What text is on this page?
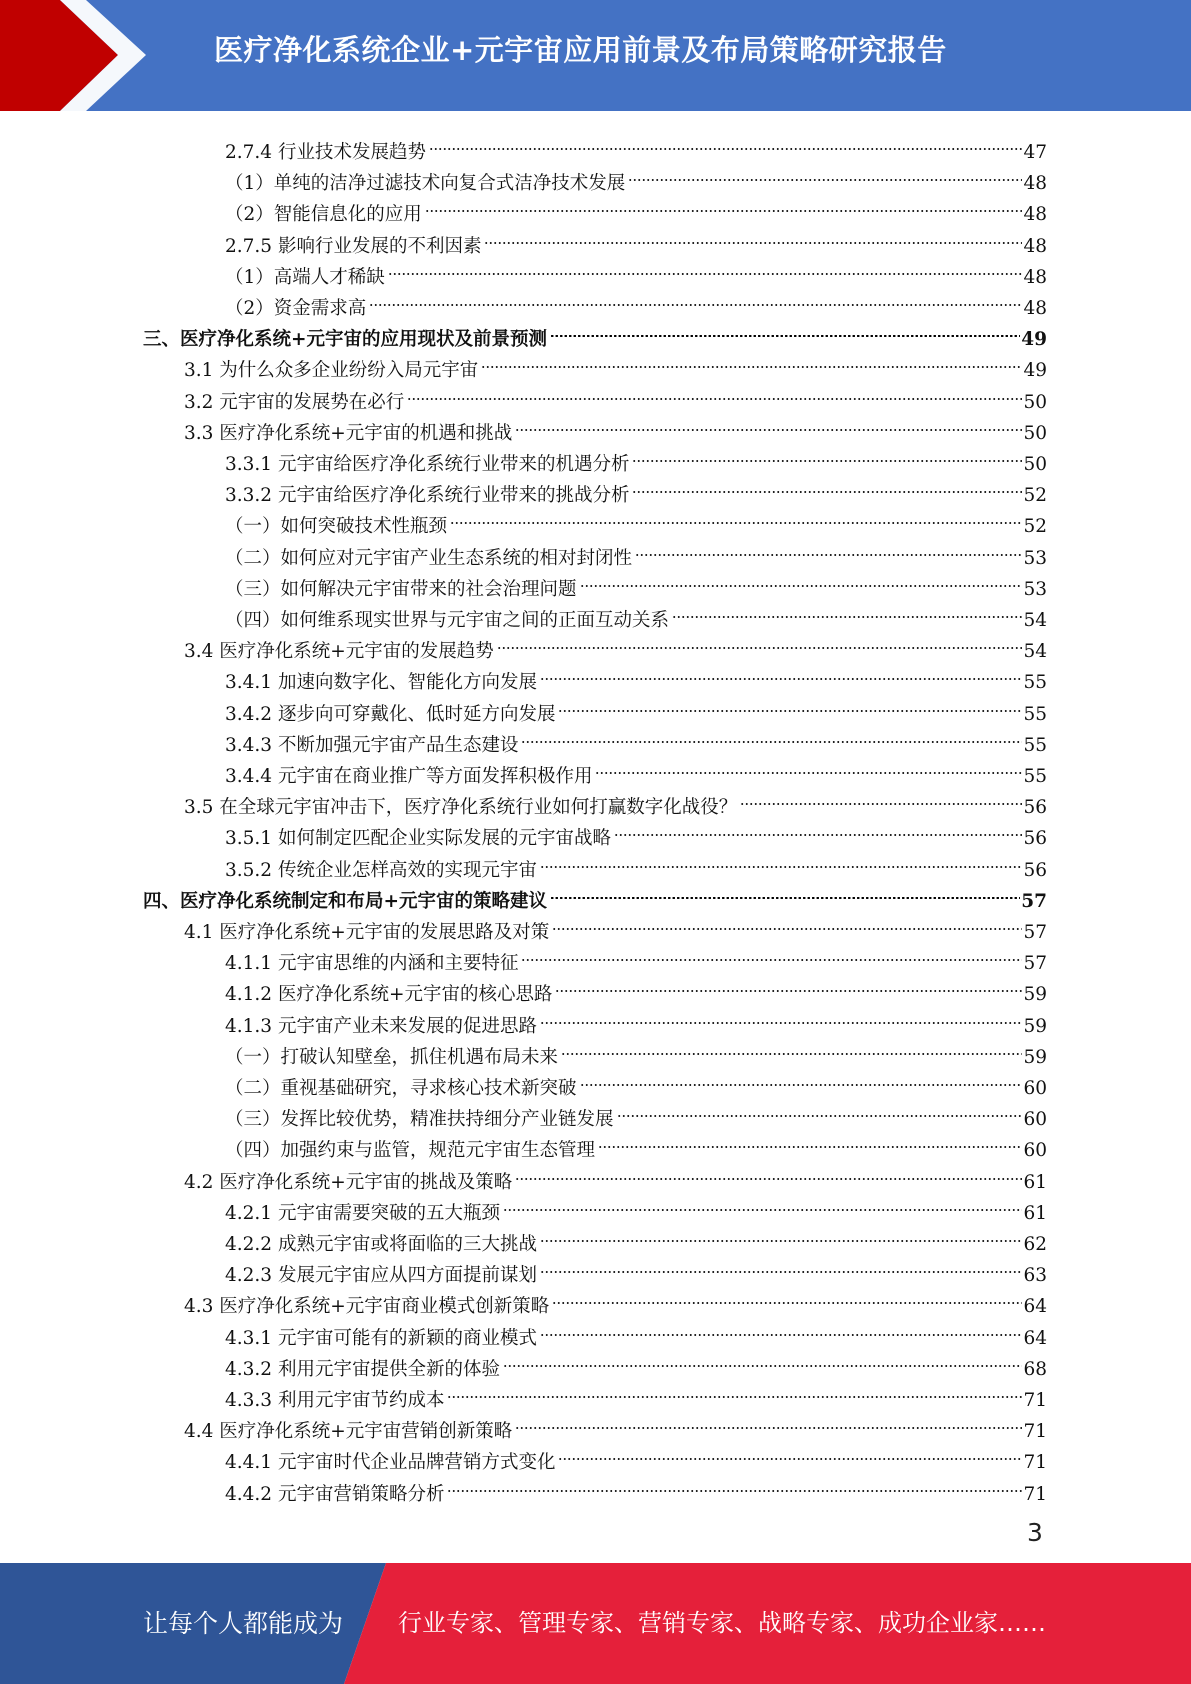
医疗净化系统企业+元宇宙应用前景及布局策略研究报告
2.7.4 行业技术发展趋势	47
（1）单纯的洁净过滤技术向复合式洁净技术发展	48
（2）智能信息化的应用	48
2.7.5 影响行业发展的不利因素	48
（1）高端人才稀缺	48
（2）资金需求高	48
三、医疗净化系统+元宇宙的应用现状及前景预测	49
3.1 为什么众多企业纷纷入局元宇宙	49
3.2 元宇宙的发展势在必行	50
3.3 医疗净化系统+元宇宙的机遇和挑战	50
3.3.1 元宇宙给医疗净化系统行业带来的机遇分析	50
3.3.2 元宇宙给医疗净化系统行业带来的挑战分析	52
（一）如何突破技术性瓶颈	52
（二）如何应对元宇宙产业生态系统的相对封闭性	53
（三）如何解决元宇宙带来的社会治理问题	53
（四）如何维系现实世界与元宇宙之间的正面互动关系	54
3.4 医疗净化系统+元宇宙的发展趋势	54
3.4.1 加速向数字化、智能化方向发展	55
3.4.2 逐步向可穿戴化、低时延方向发展	55
3.4.3 不断加强元宇宙产品生态建设	55
3.4.4 元宇宙在商业推广等方面发挥积极作用	55
3.5 在全球元宇宙冲击下，医疗净化系统行业如何打赢数字化战役？	56
3.5.1 如何制定匹配企业实际发展的元宇宙战略	56
3.5.2 传统企业怎样高效的实现元宇宙	56
四、医疗净化系统制定和布局+元宇宙的策略建议	57
4.1 医疗净化系统+元宇宙的发展思路及对策	57
4.1.1 元宇宙思维的内涵和主要特征	57
4.1.2 医疗净化系统+元宇宙的核心思路	59
4.1.3 元宇宙产业未来发展的促进思路	59
（一）打破认知壁垒，抓住机遇布局未来	59
（二）重视基础研究，寻求核心技术新突破	60
（三）发挥比较优势，精准扶持细分产业链发展	60
（四）加强约束与监管，规范元宇宙生态管理	60
4.2 医疗净化系统+元宇宙的挑战及策略	61
4.2.1 元宇宙需要突破的五大瓶颈	61
4.2.2 成熟元宇宙或将面临的三大挑战	62
4.2.3 发展元宇宙应从四方面提前谋划	63
4.3 医疗净化系统+元宇宙商业模式创新策略	64
4.3.1 元宇宙可能有的新颖的商业模式	64
4.3.2 利用元宇宙提供全新的体验	68
4.3.3 利用元宇宙节约成本	71
4.4 医疗净化系统+元宇宙营销创新策略	71
4.4.1 元宇宙时代企业品牌营销方式变化	71
4.4.2 元宇宙营销策略分析	71
3
让每个人都能成为 行业专家、管理专家、营销专家、战略专家、成功企业家……
